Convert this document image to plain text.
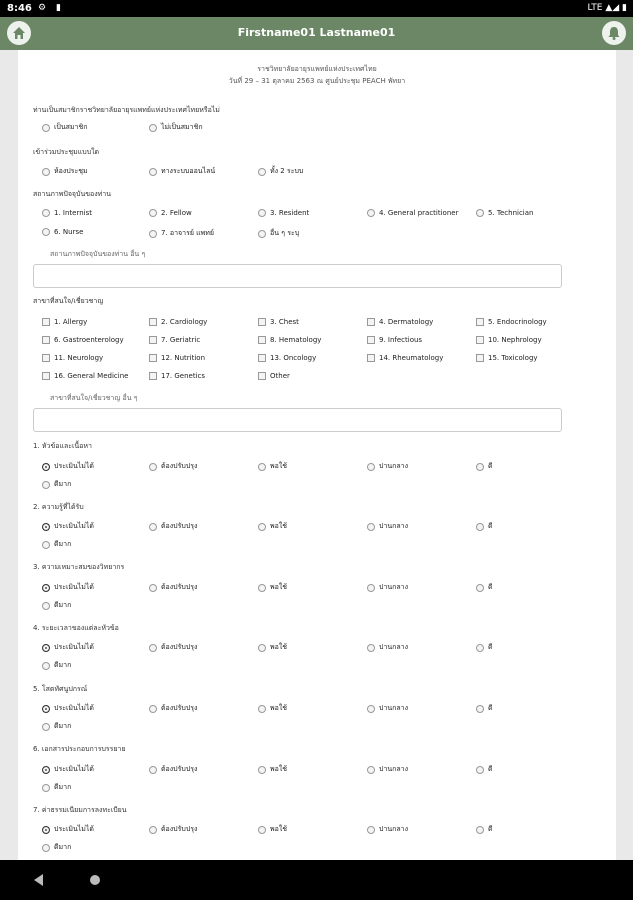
8:46 ⚙ ▮	LTE ▲◢ ▮
Firstname01 Lastname01
ราชวิทยาลัยอายุรแพทย์แห่งประเทศไทย
วันที่ 29 – 31 ตุลาคม 2563 ณ ศูนย์ประชุม PEACH พัทยา
ท่านเป็นสมาชิกราชวิทยาลัยอายุรแพทย์แห่งประเทศไทยหรือไม่
เป็นสมาชิก	ไม่เป็นสมาชิก
เข้าร่วมประชุมแบบใด
ห้องประชุม	ทางระบบออนไลน์	ทั้ง 2 ระบบ
สถานภาพปัจจุบันของท่าน
1. Internist	2. Fellow	3. Resident	4. General practitioner	5. Technician
6. Nurse	7. อาจารย์ แพทย์	อื่น ๆ ระบุ
สถานภาพปัจจุบันของท่าน อื่น ๆ
สาขาที่สนใจ/เชี่ยวชาญ
1. Allergy	2. Cardiology	3. Chest	4. Dermatology	5. Endocrinology
6. Gastroenterology	7. Geriatric	8. Hematology	9. Infectious	10. Nephrology
11. Neurology	12. Nutrition	13. Oncology	14. Rheumatology	15. Toxicology
16. General Medicine	17. Genetics	Other
สาขาที่สนใจ/เชี่ยวชาญ อื่น ๆ
1. หัวข้อและเนื้อหา
ประเมินไม่ได้	ต้องปรับปรุง	พอใช้	ปานกลาง	ดี
ดีมาก
2. ความรู้ที่ได้รับ
ประเมินไม่ได้	ต้องปรับปรุง	พอใช้	ปานกลาง	ดี
ดีมาก
3. ความเหมาะสมของวิทยากร
ประเมินไม่ได้	ต้องปรับปรุง	พอใช้	ปานกลาง	ดี
ดีมาก
4. ระยะเวลาของแต่ละหัวข้อ
ประเมินไม่ได้	ต้องปรับปรุง	พอใช้	ปานกลาง	ดี
ดีมาก
5. โสตทัศนูปกรณ์
ประเมินไม่ได้	ต้องปรับปรุง	พอใช้	ปานกลาง	ดี
ดีมาก
6. เอกสารประกอบการบรรยาย
ประเมินไม่ได้	ต้องปรับปรุง	พอใช้	ปานกลาง	ดี
ดีมาก
7. ค่าธรรมเนียมการลงทะเบียน
ประเมินไม่ได้	ต้องปรับปรุง	พอใช้	ปานกลาง	ดี
ดีมาก
